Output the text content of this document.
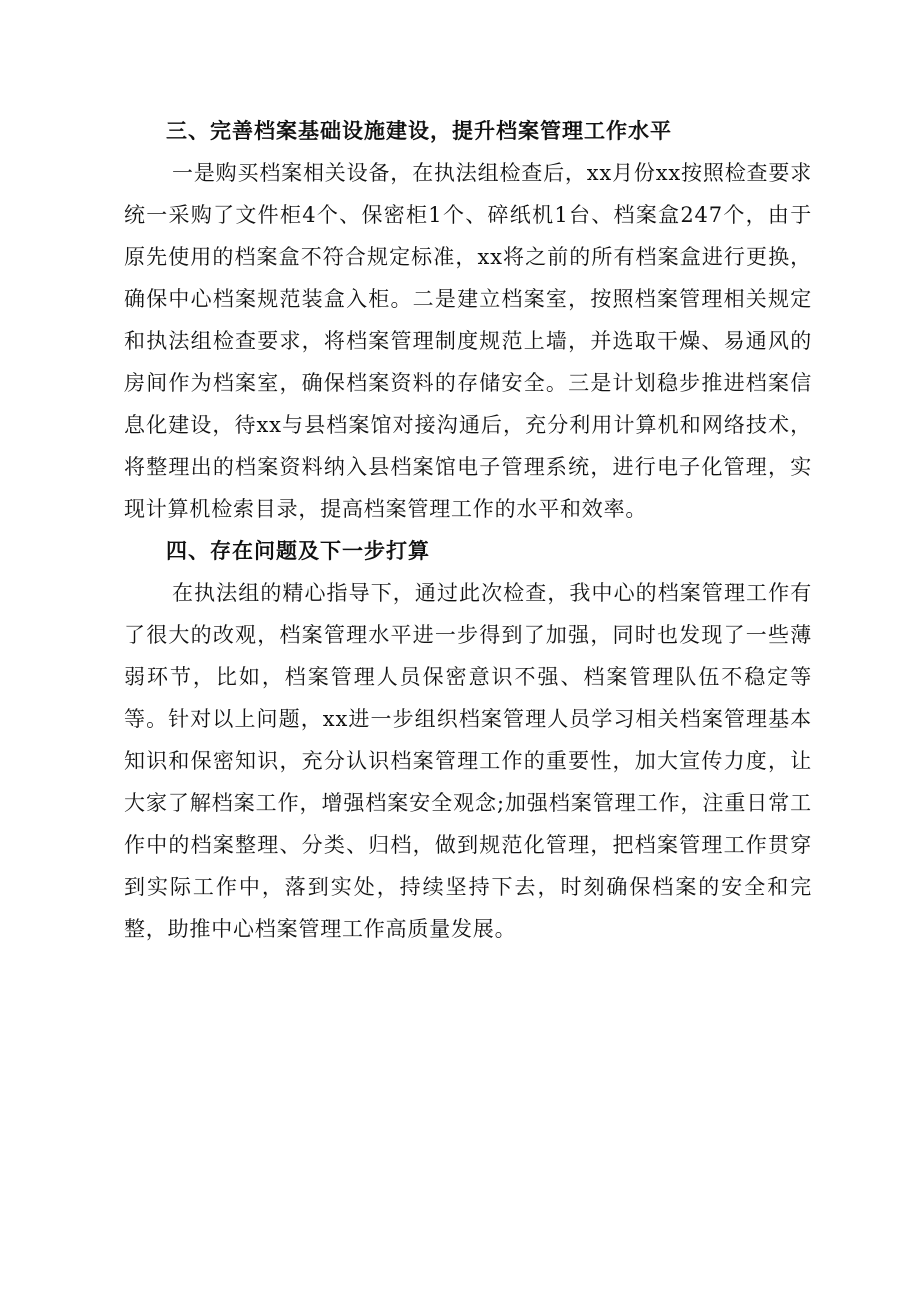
三、完善档案基础设施建设，提升档案管理工作水平

一是购买档案相关设备，在执法组检查后，xx月份xx按照检查要求统一采购了文件柜4个、保密柜1个、碎纸机1台、档案盒247个，由于原先使用的档案盒不符合规定标准，xx将之前的所有档案盒进行更换，确保中心档案规范装盒入柜。二是建立档案室，按照档案管理相关规定和执法组检查要求，将档案管理制度规范上墙，并选取干燥、易通风的房间作为档案室，确保档案资料的存储安全。三是计划稳步推进档案信息化建设，待xx与县档案馆对接沟通后，充分利用计算机和网络技术，将整理出的档案资料纳入县档案馆电子管理系统，进行电子化管理，实现计算机检索目录，提高档案管理工作的水平和效率。

四、存在问题及下一步打算

在执法组的精心指导下，通过此次检查，我中心的档案管理工作有了很大的改观，档案管理水平进一步得到了加强，同时也发现了一些薄弱环节，比如，档案管理人员保密意识不强、档案管理队伍不稳定等等。针对以上问题，xx进一步组织档案管理人员学习相关档案管理基本知识和保密知识，充分认识档案管理工作的重要性，加大宣传力度，让大家了解档案工作，增强档案安全观念;加强档案管理工作，注重日常工作中的档案整理、分类、归档，做到规范化管理，把档案管理工作贯穿到实际工作中，落到实处，持续坚持下去，时刻确保档案的安全和完整，助推中心档案管理工作高质量发展。
